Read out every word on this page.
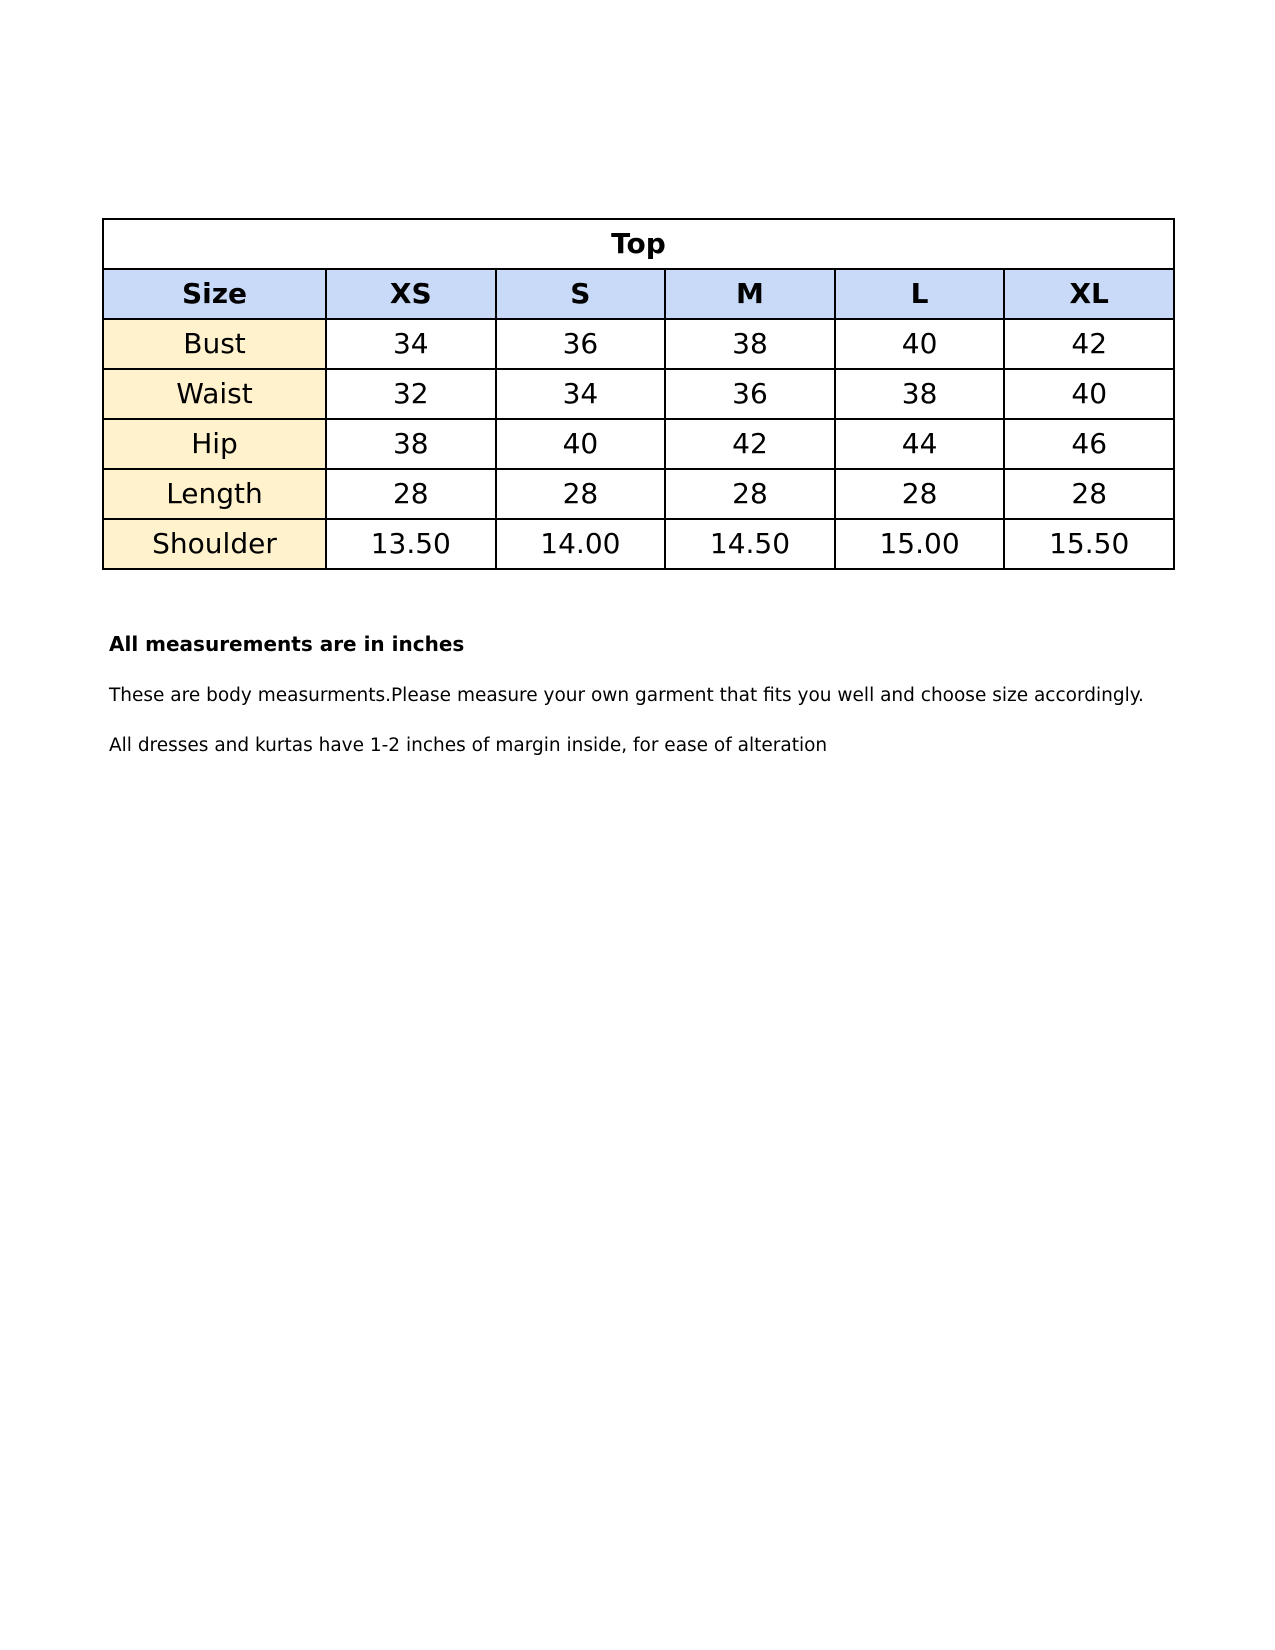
Top					
Size	XS	S	M	L	XL
Bust	34	36	38	40	42
Waist	32	34	36	38	40
Hip	38	40	42	44	46
Length	28	28	28	28	28
Shoulder	13.50	14.00	14.50	15.00	15.50

All measurements are in inches

These are body measurments.Please measure your own garment that fits you well and choose size accordingly.

All dresses and kurtas have 1-2 inches of margin inside, for ease of alteration
